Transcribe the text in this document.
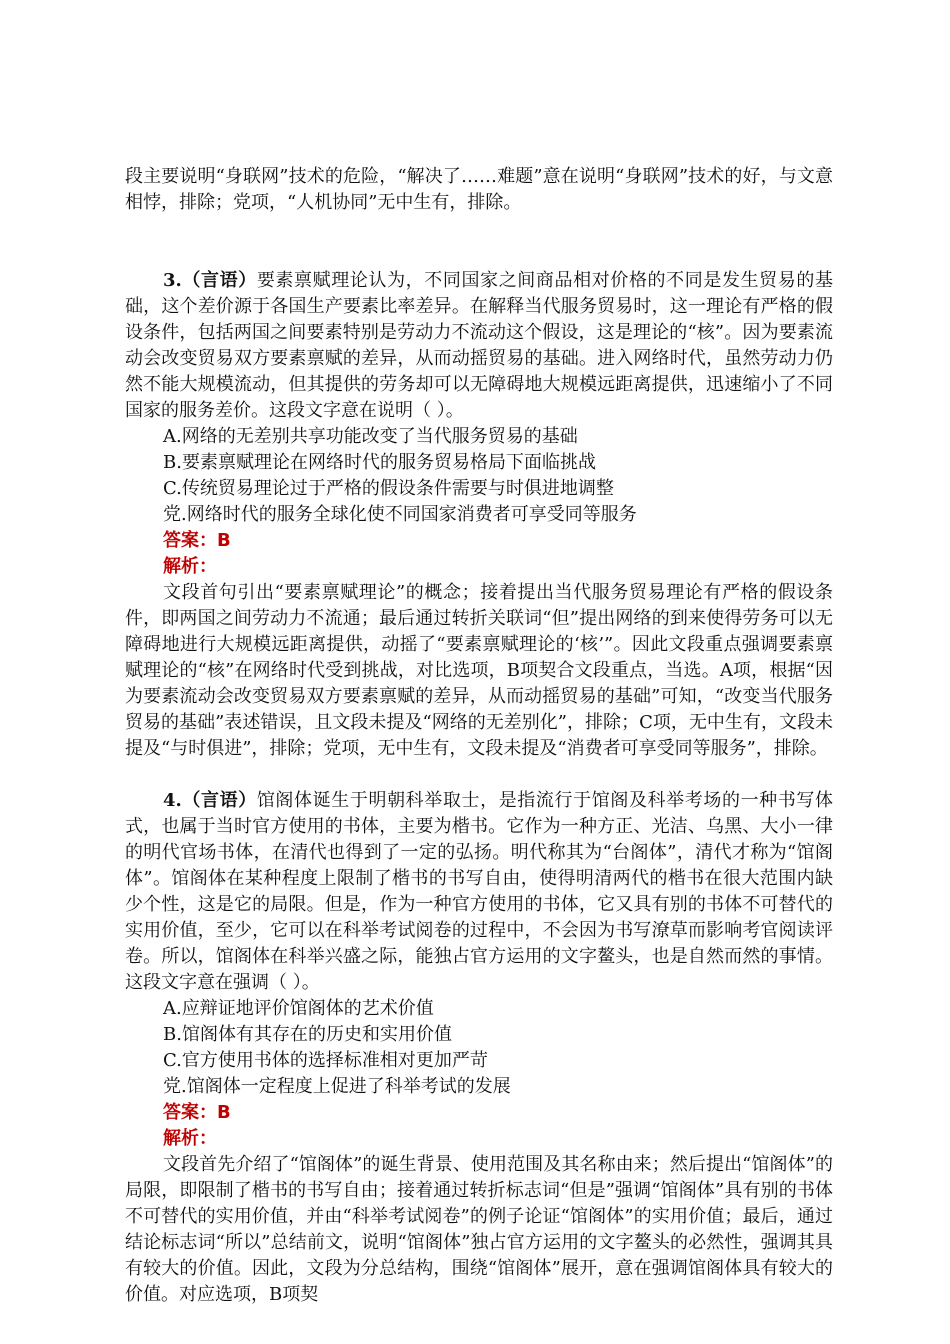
段主要说明“身联网”技术的危险，“解决了……难题”意在说明“身联网”技术的好，与文意相悖，排除；党项，“人机协同”无中生有，排除。

3.（言语）要素禀赋理论认为，不同国家之间商品相对价格的不同是发生贸易的基础，这个差价源于各国生产要素比率差异。在解释当代服务贸易时，这一理论有严格的假设条件，包括两国之间要素特别是劳动力不流动这个假设，这是理论的“核”。因为要素流动会改变贸易双方要素禀赋的差异，从而动摇贸易的基础。进入网络时代，虽然劳动力仍然不能大规模流动，但其提供的劳务却可以无障碍地大规模远距离提供，迅速缩小了不同国家的服务差价。这段文字意在说明（ ）。

A.网络的无差别共享功能改变了当代服务贸易的基础

B.要素禀赋理论在网络时代的服务贸易格局下面临挑战

C.传统贸易理论过于严格的假设条件需要与时俱进地调整

党.网络时代的服务全球化使不同国家消费者可享受同等服务

答案：B

解析：

文段首句引出“要素禀赋理论”的概念；接着提出当代服务贸易理论有严格的假设条件，即两国之间劳动力不流通；最后通过转折关联词“但”提出网络的到来使得劳务可以无障碍地进行大规模远距离提供，动摇了“要素禀赋理论的‘核’”。因此文段重点强调要素禀赋理论的“核”在网络时代受到挑战，对比选项，B项契合文段重点，当选。A项，根据“因为要素流动会改变贸易双方要素禀赋的差异，从而动摇贸易的基础”可知，“改变当代服务贸易的基础”表述错误，且文段未提及“网络的无差别化”，排除；C项，无中生有，文段未提及“与时俱进”，排除；党项，无中生有，文段未提及“消费者可享受同等服务”，排除。

4.（言语）馆阁体诞生于明朝科举取士，是指流行于馆阁及科举考场的一种书写体式，也属于当时官方使用的书体，主要为楷书。它作为一种方正、光洁、乌黑、大小一律的明代官场书体，在清代也得到了一定的弘扬。明代称其为“台阁体”，清代才称为“馆阁体”。馆阁体在某种程度上限制了楷书的书写自由，使得明清两代的楷书在很大范围内缺少个性，这是它的局限。但是，作为一种官方使用的书体，它又具有别的书体不可替代的实用价值，至少，它可以在科举考试阅卷的过程中，不会因为书写潦草而影响考官阅读评卷。所以，馆阁体在科举兴盛之际，能独占官方运用的文字鳌头，也是自然而然的事情。这段文字意在强调（ ）。

A.应辩证地评价馆阁体的艺术价值

B.馆阁体有其存在的历史和实用价值

C.官方使用书体的选择标准相对更加严苛

党.馆阁体一定程度上促进了科举考试的发展

答案：B

解析：

文段首先介绍了“馆阁体”的诞生背景、使用范围及其名称由来；然后提出“馆阁体”的局限，即限制了楷书的书写自由；接着通过转折标志词“但是”强调“馆阁体”具有别的书体不可替代的实用价值，并由“科举考试阅卷”的例子论证“馆阁体”的实用价值；最后，通过结论标志词“所以”总结前文，说明“馆阁体”独占官方运用的文字鳌头的必然性，强调其具有较大的价值。因此，文段为分总结构，围绕“馆阁体”展开，意在强调馆阁体具有较大的价值。对应选项，B项契
